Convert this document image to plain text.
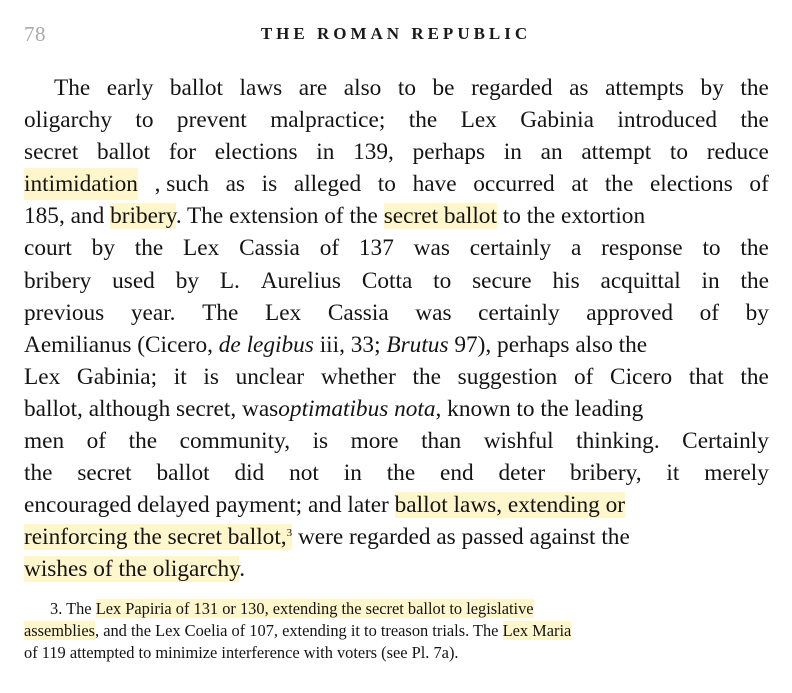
78	THE ROMAN REPUBLIC
The early ballot laws are also to be regarded as attempts by the
oligarchy to prevent malpractice; the Lex Gabinia introduced the
secret ballot for elections in 139, perhaps in an attempt to reduce
intimidation , such as is alleged to have occurred at the elections of
185, and bribery. The extension of the secret ballot to the extortion
court by the Lex Cassia of 137 was certainly a response to the
bribery used by L. Aurelius Cotta to secure his acquittal in the
previous year. The Lex Cassia was certainly approved of by
Aemilianus (Cicero, de legibus iii, 33; Brutus 97), perhaps also the
Lex Gabinia; it is unclear whether the suggestion of Cicero that the
ballot, although secret, wasoptimatibus nota, known to the leading
men of the community, is more than wishful thinking. Certainly
the secret ballot did not in the end deter bribery, it merely
encouraged delayed payment; and later ballot laws, extending or
reinforcing the secret ballot,$^3$ were regarded as passed against the
wishes of the oligarchy.
3. The Lex Papiria of 131 or 130, extending the secret ballot to legislative
assemblies, and the Lex Coelia of 107, extending it to treason trials. The Lex Maria
of 119 attempted to minimize interference with voters (see Pl. 7a).
